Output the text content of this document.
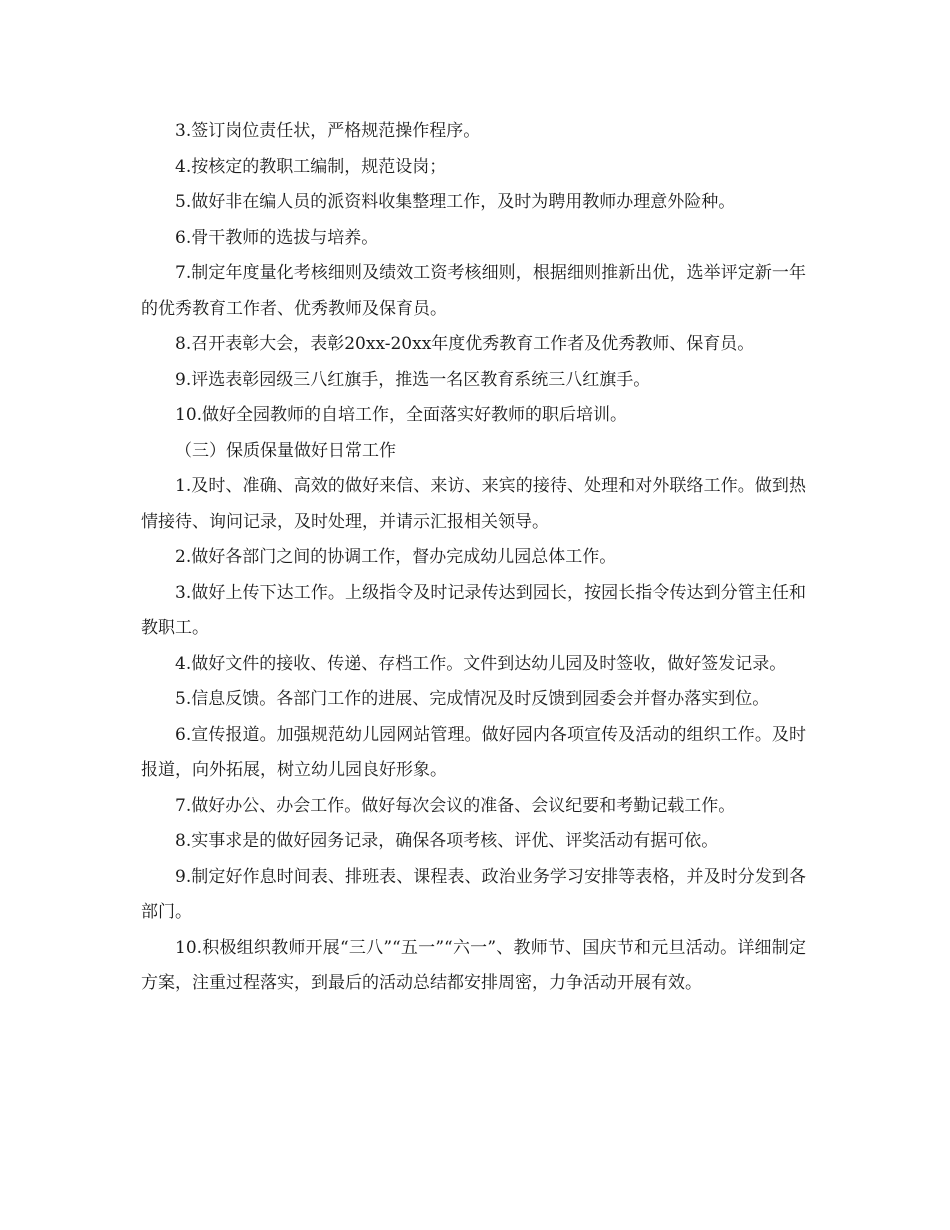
3.签订岗位责任状，严格规范操作程序。

4.按核定的教职工编制，规范设岗；

5.做好非在编人员的派资料收集整理工作，及时为聘用教师办理意外险种。

6.骨干教师的选拔与培养。

7.制定年度量化考核细则及绩效工资考核细则，根据细则推新出优，选举评定新一年的优秀教育工作者、优秀教师及保育员。

8.召开表彰大会，表彰20xx-20xx年度优秀教育工作者及优秀教师、保育员。

9.评选表彰园级三八红旗手，推选一名区教育系统三八红旗手。

10.做好全园教师的自培工作，全面落实好教师的职后培训。

（三）保质保量做好日常工作

1.及时、准确、高效的做好来信、来访、来宾的接待、处理和对外联络工作。做到热情接待、询问记录，及时处理，并请示汇报相关领导。

2.做好各部门之间的协调工作，督办完成幼儿园总体工作。

3.做好上传下达工作。上级指令及时记录传达到园长，按园长指令传达到分管主任和教职工。

4.做好文件的接收、传递、存档工作。文件到达幼儿园及时签收，做好签发记录。

5.信息反馈。各部门工作的进展、完成情况及时反馈到园委会并督办落实到位。

6.宣传报道。加强规范幼儿园网站管理。做好园内各项宣传及活动的组织工作。及时报道，向外拓展，树立幼儿园良好形象。

7.做好办公、办会工作。做好每次会议的准备、会议纪要和考勤记载工作。

8.实事求是的做好园务记录，确保各项考核、评优、评奖活动有据可依。

9.制定好作息时间表、排班表、课程表、政治业务学习安排等表格，并及时分发到各部门。

10.积极组织教师开展“三八”“五一”“六一”、教师节、国庆节和元旦活动。详细制定方案，注重过程落实，到最后的活动总结都安排周密，力争活动开展有效。
